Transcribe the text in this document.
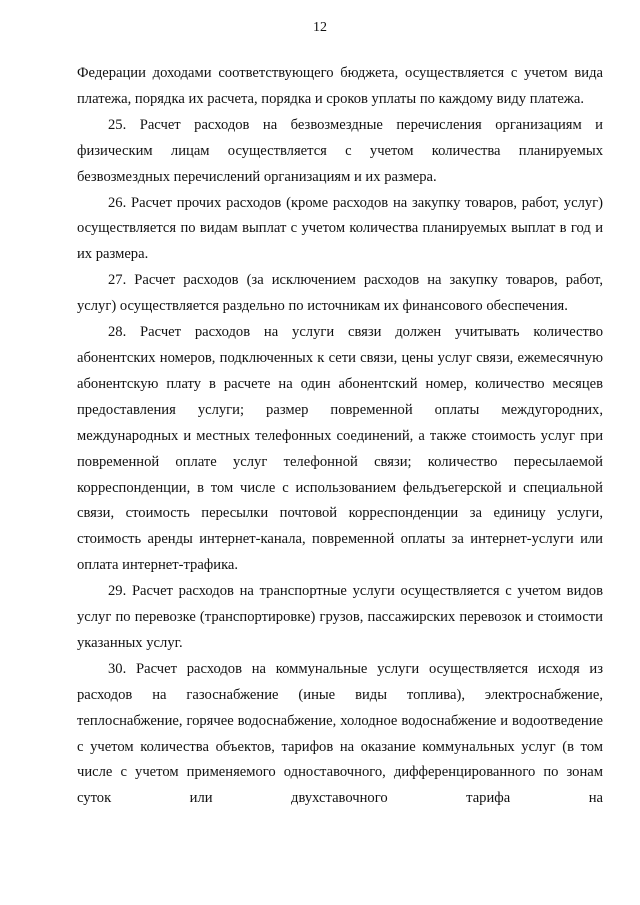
12

Федерации доходами соответствующего бюджета, осуществляется с учетом вида платежа, порядка их расчета, порядка и сроков уплаты по каждому виду платежа.

25. Расчет расходов на безвозмездные перечисления организациям и физическим лицам осуществляется с учетом количества планируемых безвозмездных перечислений организациям и их размера.

26. Расчет прочих расходов (кроме расходов на закупку товаров, работ, услуг) осуществляется по видам выплат с учетом количества планируемых выплат в год и их размера.

27. Расчет расходов (за исключением расходов на закупку товаров, работ, услуг) осуществляется раздельно по источникам их финансового обеспечения.

28. Расчет расходов на услуги связи должен учитывать количество абонентских номеров, подключенных к сети связи, цены услуг связи, ежемесячную абонентскую плату в расчете на один абонентский номер, количество месяцев предоставления услуги; размер повременной оплаты междугородних, международных и местных телефонных соединений, а также стоимость услуг при повременной оплате услуг телефонной связи; количество пересылаемой корреспонденции, в том числе с использованием фельдъегерской и специальной связи, стоимость пересылки почтовой корреспонденции за единицу услуги, стоимость аренды интернет-канала, повременной оплаты за интернет-услуги или оплата интернет-трафика.

29. Расчет расходов на транспортные услуги осуществляется с учетом видов услуг по перевозке (транспортировке) грузов, пассажирских перевозок и стоимости указанных услуг.

30. Расчет расходов на коммунальные услуги осуществляется исходя из расходов на газоснабжение (иные виды топлива), электроснабжение, теплоснабжение, горячее водоснабжение, холодное водоснабжение и водоотведение с учетом количества объектов, тарифов на оказание коммунальных услуг (в том числе с учетом применяемого одноставочного, дифференцированного по зонам суток или двухставочного тарифа на
